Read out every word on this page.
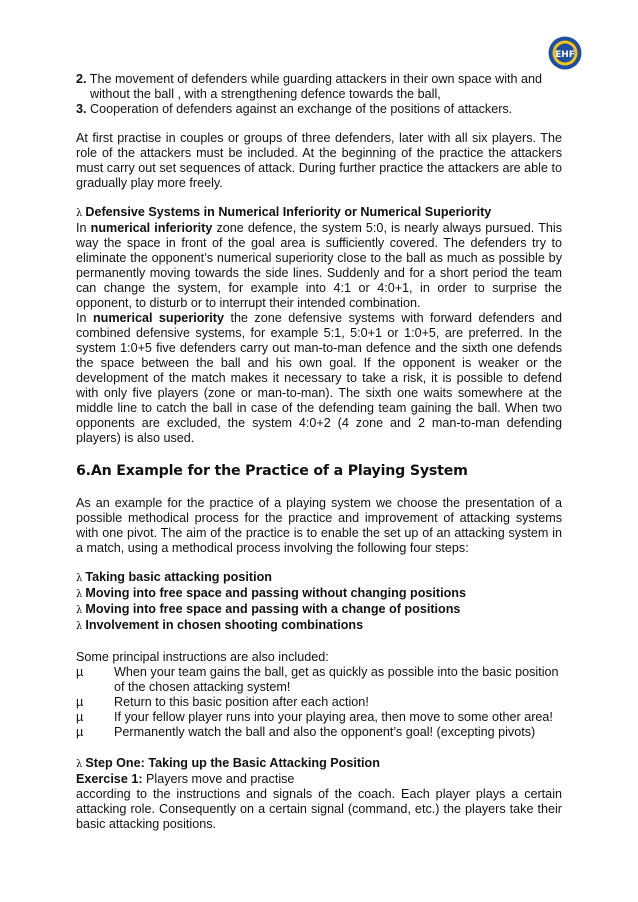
EHF

2. The movement of defenders while guarding attackers in their own space with and

without the ball , with a strengthening defence towards the ball,

3. Cooperation of defenders against an exchange of the positions of attackers.

At first practise in couples or groups of three defenders, later with all six players. The role of the attackers must be included. At the beginning of the practice the attackers must carry out set sequences of attack. During further practice the attackers are able to gradually play more freely.

λ Defensive Systems in Numerical Inferiority or Numerical Superiority

In numerical inferiority zone defence, the system 5:0, is nearly always pursued. This way the space in front of the goal area is sufficiently covered. The defenders try to eliminate the opponent’s numerical superiority close to the ball as much as possible by permanently moving towards the side lines. Suddenly and for a short period the team can change the system, for example into 4:1 or 4:0+1, in order to surprise the opponent, to disturb or to interrupt their intended combination.

In numerical superiority the zone defensive systems with forward defenders and combined defensive systems, for example 5:1, 5:0+1 or 1:0+5, are preferred. In the system 1:0+5 five defenders carry out man-to-man defence and the sixth one defends the space between the ball and his own goal. If the opponent is weaker or the development of the match makes it necessary to take a risk, it is possible to defend with only five players (zone or man-to-man). The sixth one waits somewhere at the middle line to catch the ball in case of the defending team gaining the ball. When two opponents are excluded, the system 4:0+2 (4 zone and 2 man-to-man defending players) is also used.

6.An Example for the Practice of a Playing System

As an example for the practice of a playing system we choose the presentation of a possible methodical process for the practice and improvement of attacking systems with one pivot. The aim of the practice is to enable the set up of an attacking system in a match, using a methodical process involving the following four steps:

λ Taking basic attacking position

λ Moving into free space and passing without changing positions

λ Moving into free space and passing with a change of positions

λ Involvement in chosen shooting combinations

Some principal instructions are also included:

µ	When your team gains the ball, get as quickly as possible into the basic position of the chosen attacking system!
µ	Return to this basic position after each action!
µ	If your fellow player runs into your playing area, then move to some other area!
µ	Permanently watch the ball and also the opponent’s goal! (excepting pivots)

λ Step One: Taking up the Basic Attacking Position

Exercise 1: Players move and practise

according to the instructions and signals of the coach. Each player plays a certain attacking role. Consequently on a certain signal (command, etc.) the players take their basic attacking positions.
